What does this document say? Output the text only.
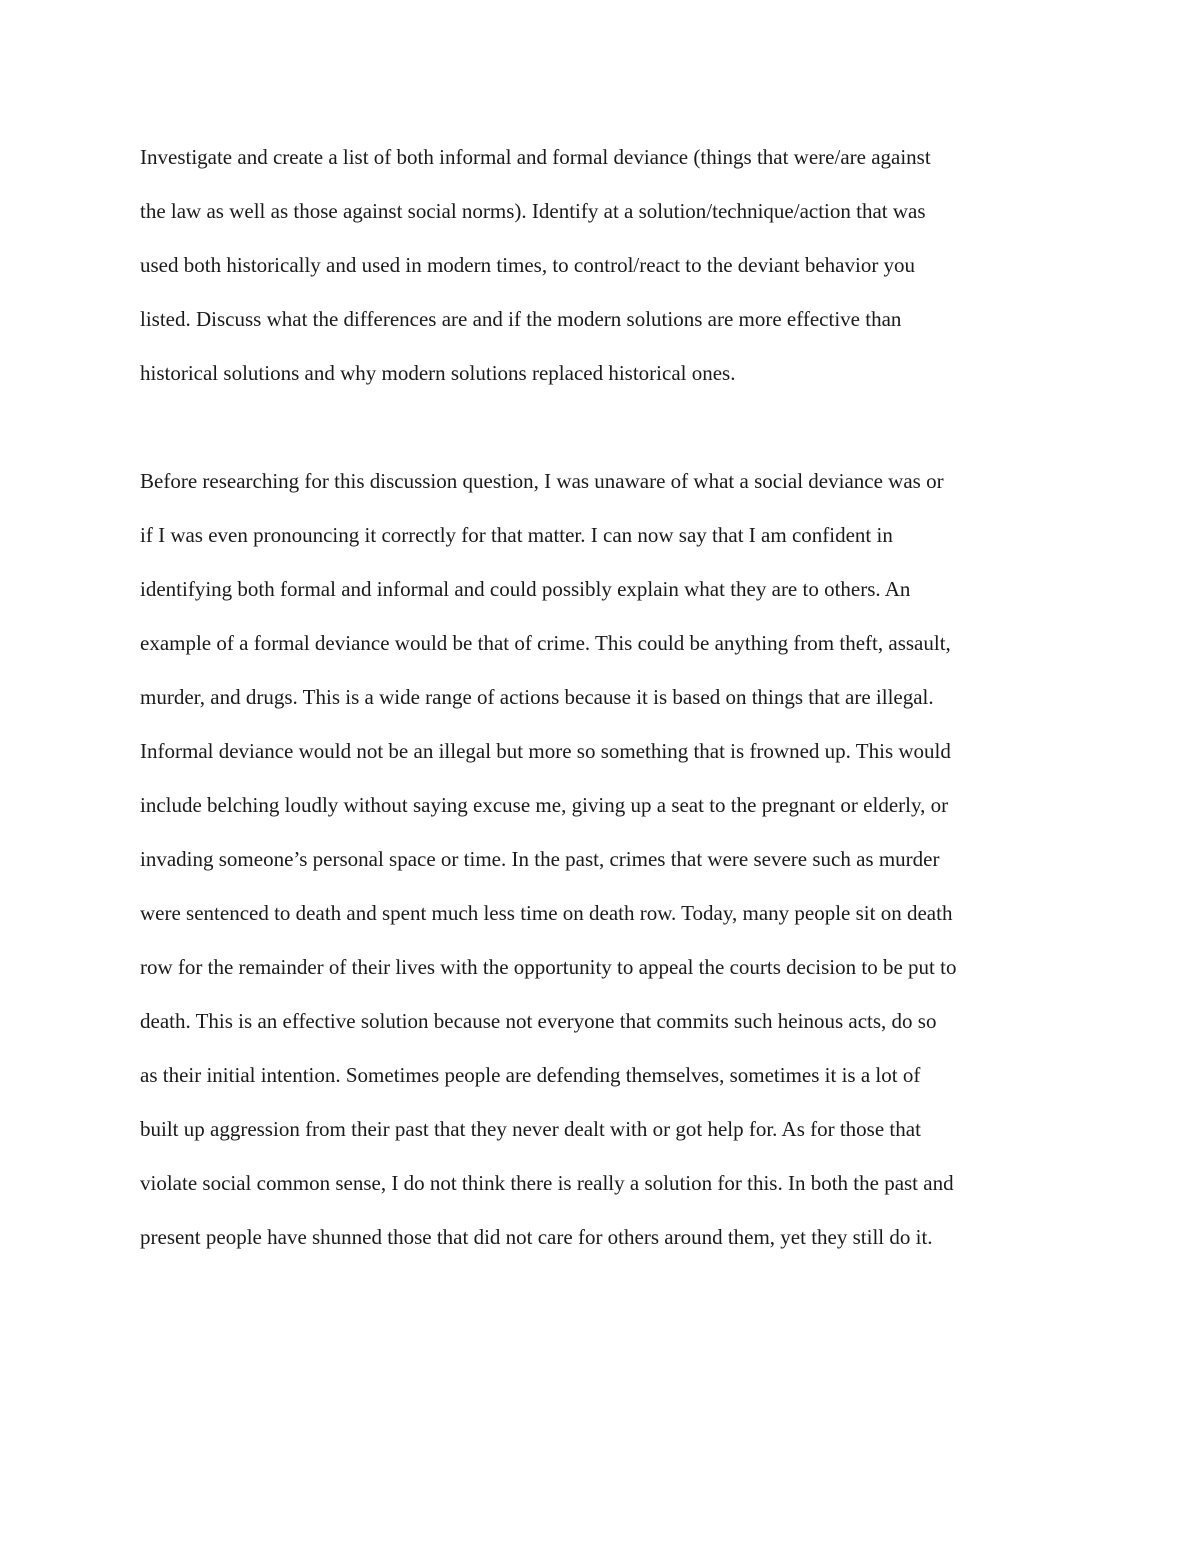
Investigate and create a list of both informal and formal deviance (things that were/are against
the law as well as those against social norms). Identify at a solution/technique/action that was
used both historically and used in modern times, to control/react to the deviant behavior you
listed. Discuss what the differences are and if the modern solutions are more effective than
historical solutions and why modern solutions replaced historical ones.
Before researching for this discussion question, I was unaware of what a social deviance was or
if I was even pronouncing it correctly for that matter. I can now say that I am confident in
identifying both formal and informal and could possibly explain what they are to others. An
example of a formal deviance would be that of crime. This could be anything from theft, assault,
murder, and drugs. This is a wide range of actions because it is based on things that are illegal.
Informal deviance would not be an illegal but more so something that is frowned up. This would
include belching loudly without saying excuse me, giving up a seat to the pregnant or elderly, or
invading someone’s personal space or time. In the past, crimes that were severe such as murder
were sentenced to death and spent much less time on death row. Today, many people sit on death
row for the remainder of their lives with the opportunity to appeal the courts decision to be put to
death. This is an effective solution because not everyone that commits such heinous acts, do so
as their initial intention. Sometimes people are defending themselves, sometimes it is a lot of
built up aggression from their past that they never dealt with or got help for. As for those that
violate social common sense, I do not think there is really a solution for this. In both the past and
present people have shunned those that did not care for others around them, yet they still do it.
